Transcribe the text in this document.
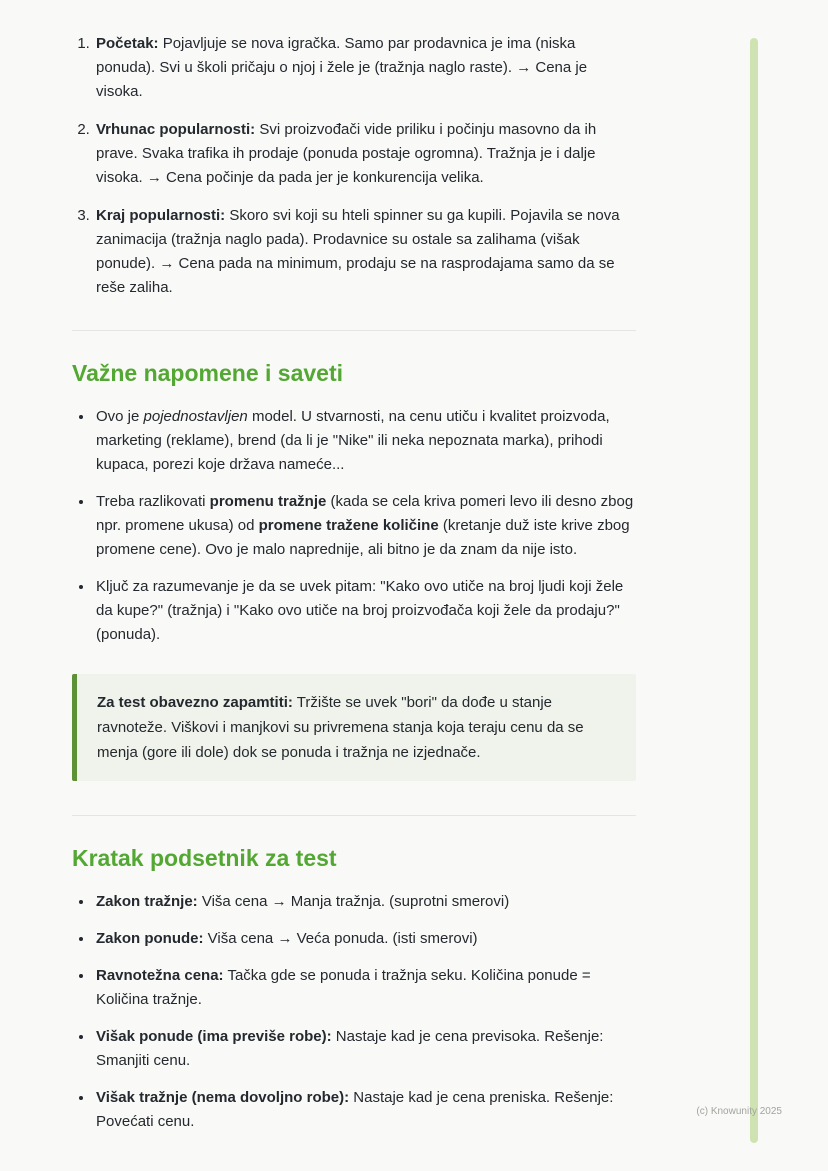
1. Početak: Pojavljuje se nova igračka. Samo par prodavnica je ima (niska ponuda). Svi u školi pričaju o njoj i žele je (tražnja naglo raste). → Cena je visoka.
2. Vrhunac popularnosti: Svi proizvođači vide priliku i počinju masovno da ih prave. Svaka trafika ih prodaje (ponuda postaje ogromna). Tražnja je i dalje visoka. → Cena počinje da pada jer je konkurencija velika.
3. Kraj popularnosti: Skoro svi koji su hteli spinner su ga kupili. Pojavila se nova zanimacija (tražnja naglo pada). Prodavnice su ostale sa zalihama (višak ponude). → Cena pada na minimum, prodaju se na rasprodajama samo da se reše zaliha.
Važne napomene i saveti
• Ovo je pojednostavljen model. U stvarnosti, na cenu utiču i kvalitet proizvoda, marketing (reklame), brend (da li je "Nike" ili neka nepoznata marka), prihodi kupaca, porezi koje država nameće...
• Treba razlikovati promenu tražnje (kada se cela kriva pomeri levo ili desno zbog npr. promene ukusa) od promene tražene količine (kretanje duž iste krive zbog promene cene). Ovo je malo naprednije, ali bitno je da znam da nije isto.
• Ključ za razumevanje je da se uvek pitam: "Kako ovo utiče na broj ljudi koji žele da kupe?" (tražnja) i "Kako ovo utiče na broj proizvođača koji žele da prodaju?" (ponuda).
Za test obavezno zapamtiti: Tržište se uvek "bori" da dođe u stanje ravnoteže. Viškovi i manjkovi su privremena stanja koja teraju cenu da se menja (gore ili dole) dok se ponuda i tražnja ne izjednače.
Kratak podsetnik za test
• Zakon tražnje: Viša cena → Manja tražnja. (suprotni smerovi)
• Zakon ponude: Viša cena → Veća ponuda. (isti smerovi)
• Ravnotežna cena: Tačka gde se ponuda i tražnja seku. Količina ponude = Količina tražnje.
• Višak ponude (ima previše robe): Nastaje kad je cena previsoka. Rešenje: Smanjiti cenu.
• Višak tražnje (nema dovoljno robe): Nastaje kad je cena preniska. Rešenje: Povećati cenu.
(c) Knowunity 2025
